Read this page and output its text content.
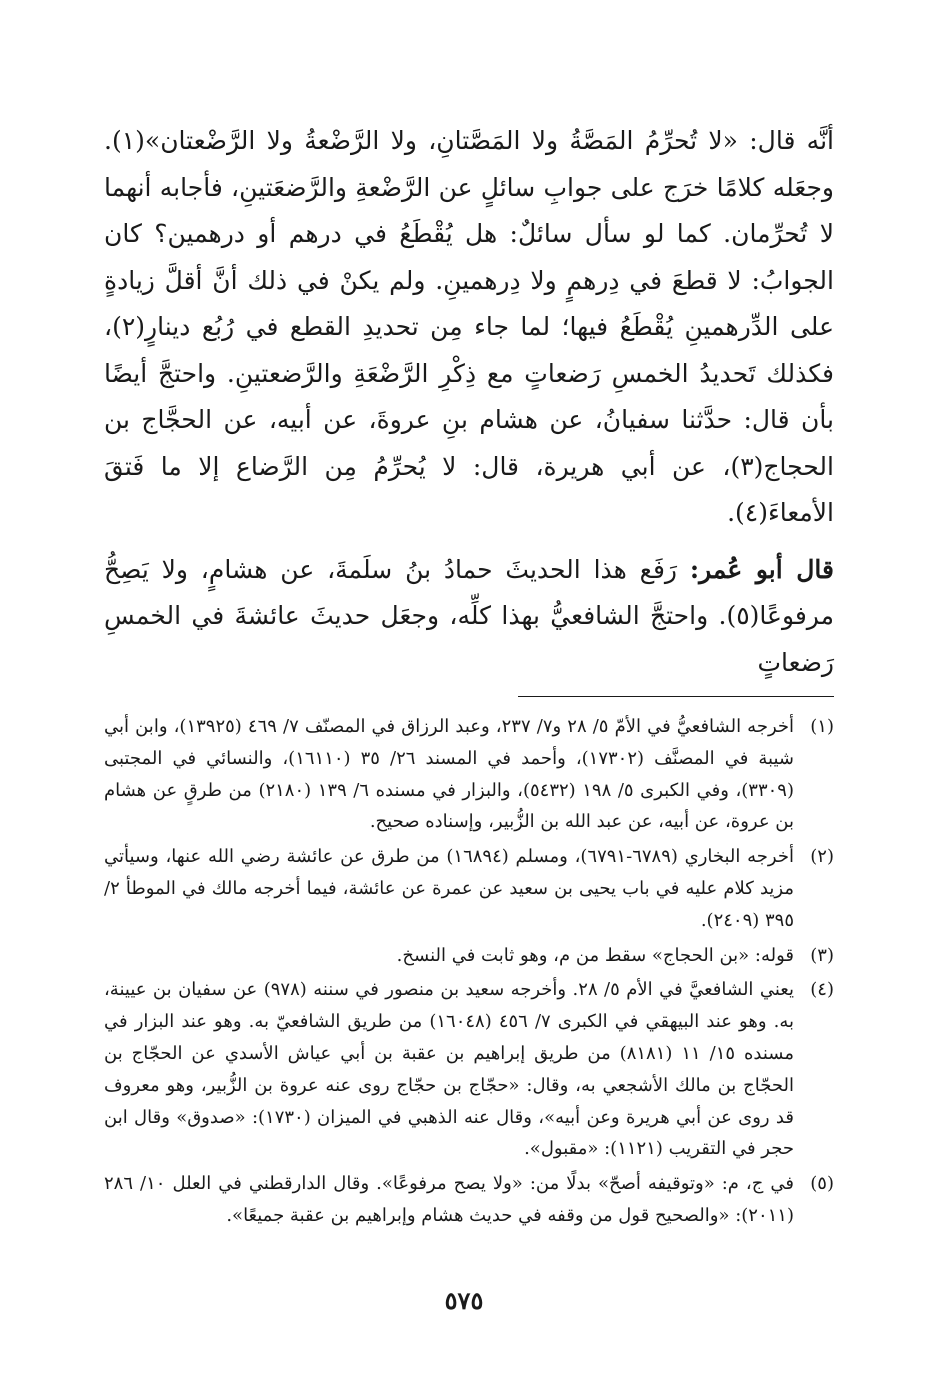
أنَّه قال: «لا تُحرِّمُ المَصَّةُ ولا المَصَّتانِ، ولا الرَّضْعةُ ولا الرَّضْعتان»(١). وجعَله كلامًا خرَج على جوابِ سائلٍ عن الرَّضْعةِ والرَّضعَتينِ، فأجابه أنهما لا تُحرِّمان. كما لو سأل سائلٌ: هل يُقْطَعُ في درهم أو درهمين؟ كان الجوابُ: لا قطعَ في دِرهمٍ ولا دِرهمينِ. ولم يكنْ في ذلك أنَّ أقلَّ زيادةٍ على الدِّرهمينِ يُقْطَعُ فيها؛ لما جاء مِن تحديدِ القطع في رُبُع دينارٍ(٢)، فكذلك تَحديدُ الخمسِ رَضعاتٍ مع ذِكْرِ الرَّضْعَةِ والرَّضعتينِ. واحتجَّ أيضًا بأن قال: حدَّثنا سفيانُ، عن هشام بنِ عروةَ، عن أبيه، عن الحجَّاج بن الحجاج(٣)، عن أبي هريرة، قال: لا يُحرِّمُ مِن الرَّضاع إلا ما فَتقَ الأمعاءَ(٤).

قال أبو عُمر: رَفَع هذا الحديثَ حمادُ بنُ سلَمةَ، عن هشامٍ، ولا يَصِحُّ مرفوعًا(٥). واحتجَّ الشافعيُّ بهذا كلِّه، وجعَل حديثَ عائشةَ في الخمسِ رَضعاتٍ

(١)
أخرجه الشافعيُّ في الأمّ ٥/ ٢٨ و٧/ ٢٣٧، وعبد الرزاق في المصنّف ٧/ ٤٦٩ (١٣٩٢٥)، وابن أبي شيبة في المصنَّف (١٧٣٠٢)، وأحمد في المسند ٢٦/ ٣٥ (١٦١١٠)، والنسائي في المجتبى (٣٣٠٩)، وفي الكبرى ٥/ ١٩٨ (٥٤٣٢)، والبزار في مسنده ٦/ ١٣٩ (٢١٨٠) من طرقٍ عن هشام بن عروة، عن أبيه، عن عبد الله بن الزُّبير، وإسناده صحيح.
(٢)
أخرجه البخاري (٦٧٨٩-٦٧٩١)، ومسلم (١٦٨٩٤) من طرق عن عائشة رضي الله عنها، وسيأتي مزيد كلام عليه في باب يحيى بن سعيد عن عمرة عن عائشة، فيما أخرجه مالك في الموطأ ٢/ ٣٩٥ (٢٤٠٩).
(٣)
قوله: «بن الحجاج» سقط من م، وهو ثابت في النسخ.
(٤)
يعني الشافعيَّ في الأم ٥/ ٢٨. وأخرجه سعيد بن منصور في سننه (٩٧٨) عن سفيان بن عيينة، به. وهو عند البيهقي في الكبرى ٧/ ٤٥٦ (١٦٠٤٨) من طريق الشافعيّ به. وهو عند البزار في مسنده ١٥/ ١١ (٨١٨١) من طريق إبراهيم بن عقبة بن أبي عياش الأسدي عن الحجّاج بن الحجّاج بن مالك الأشجعي به، وقال: «حجّاج بن حجّاج روى عنه عروة بن الزُّبير، وهو معروف قد روى عن أبي هريرة وعن أبيه»، وقال عنه الذهبي في الميزان (١٧٣٠): «صدوق» وقال ابن حجر في التقريب (١١٢١): «مقبول».
(٥)
في ج، م: «وتوقيفه أصحّ» بدلًا من: «ولا يصح مرفوعًا». وقال الدارقطني في العلل ١٠/ ٢٨٦ (٢٠١١): «والصحيح قول من وقفه في حديث هشام وإبراهيم بن عقبة جميعًا».
٥٧٥
